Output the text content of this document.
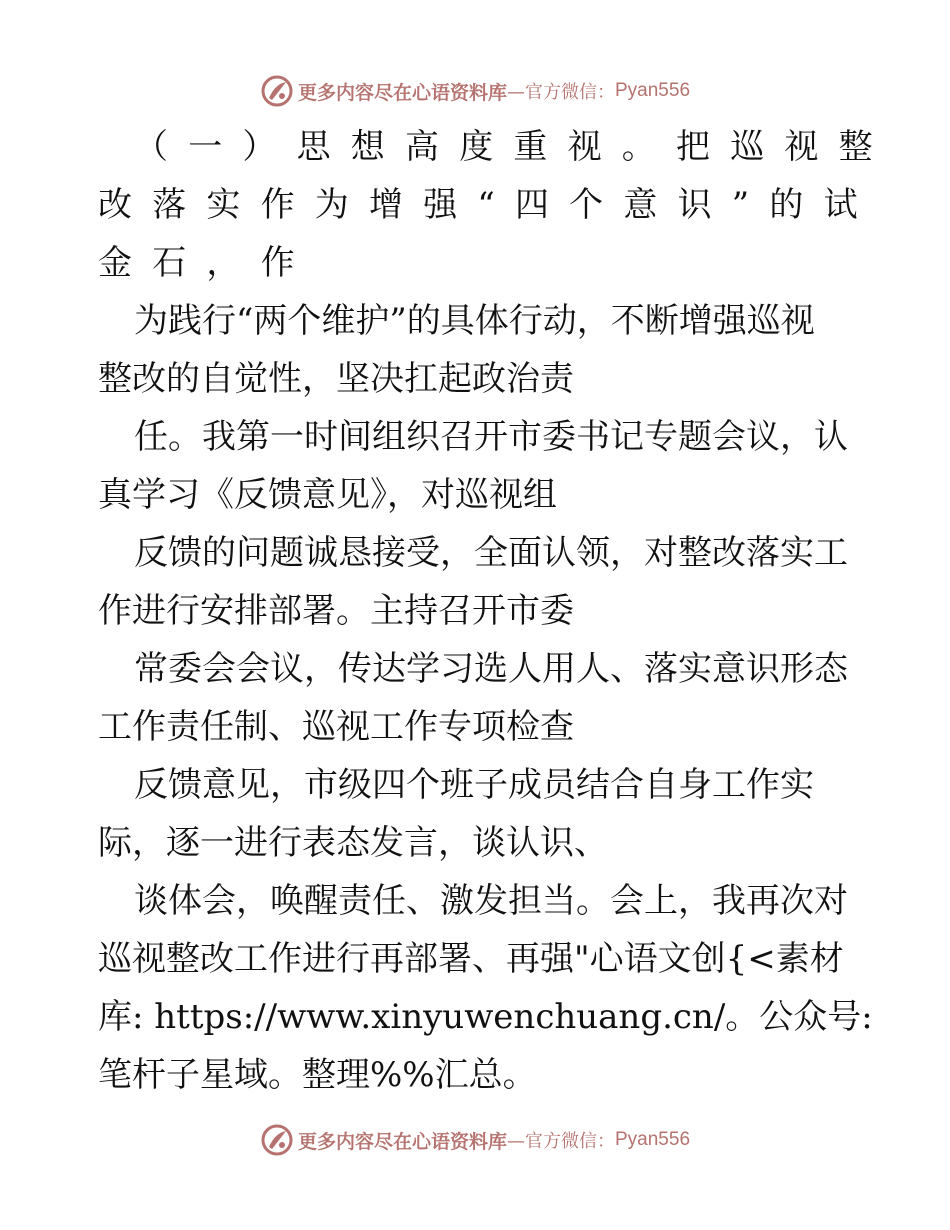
更多内容尽在心语资料库 —官方微信： Pyan556
（一）思想高度重视。把巡视整
改落实作为增强“四个意识”的试
金石，作
为践行“两个维护”的具体行动，不断增强巡视
整改的自觉性，坚决扛起政治责
任。我第一时间组织召开市委书记专题会议，认
真学习《反馈意见》，对巡视组
反馈的问题诚恳接受，全面认领，对整改落实工
作进行安排部署。主持召开市委
常委会会议，传达学习选人用人、落实意识形态
工作责任制、巡视工作专项检查
反馈意见，市级四个班子成员结合自身工作实
际，逐一进行表态发言，谈认识、
谈体会，唤醒责任、激发担当。会上，我再次对
巡视整改工作进行再部署、再强"心语文创{<素材
库: https://www.xinyuwenchuang.cn/。公众号:
笔杆子星域。整理%%汇总。
更多内容尽在心语资料库 —官方微信： Pyan556
